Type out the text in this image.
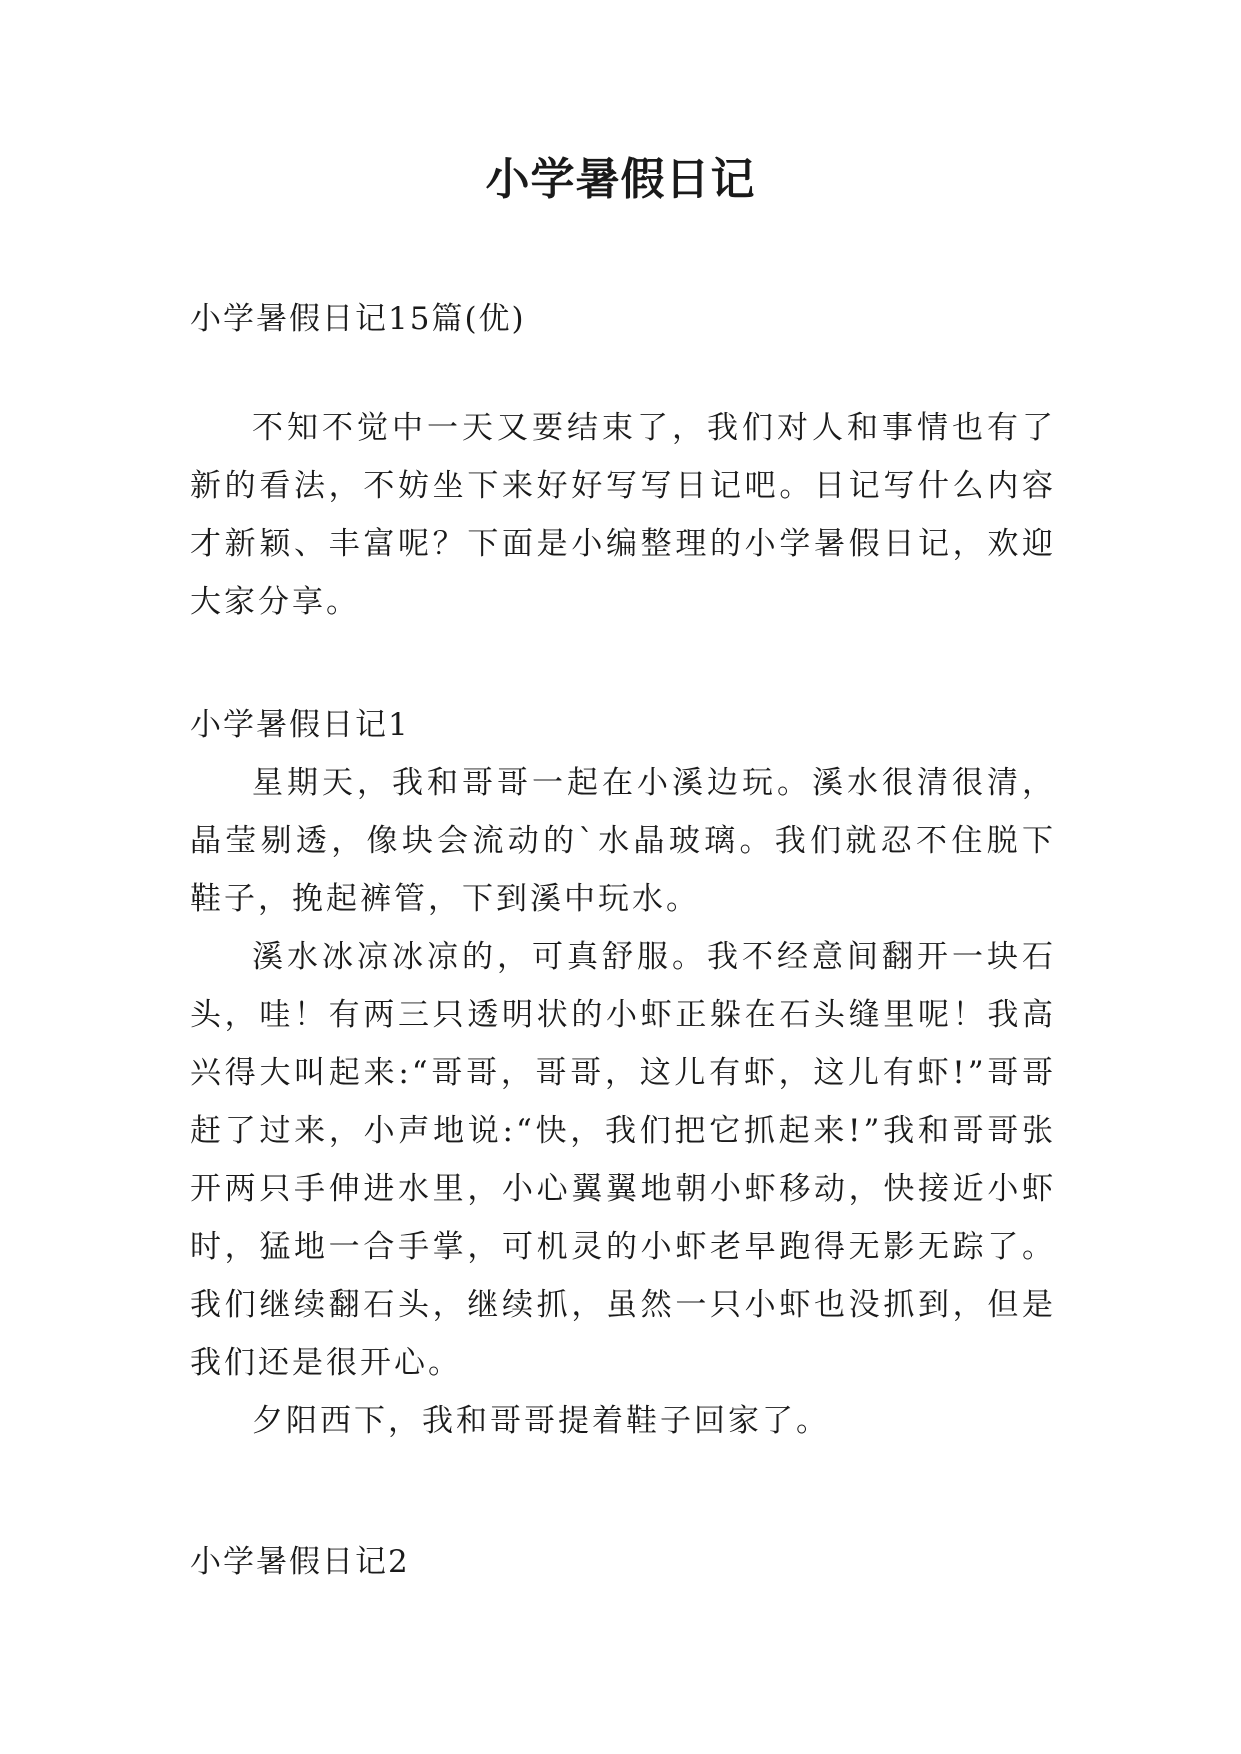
小学暑假日记
小学暑假日记15篇(优)

不知不觉中一天又要结束了，我们对人和事情也有了新的看法，不妨坐下来好好写写日记吧。日记写什么内容才新颖、丰富呢？下面是小编整理的小学暑假日记，欢迎大家分享。

小学暑假日记1

星期天，我和哥哥一起在小溪边玩。溪水很清很清，晶莹剔透，像块会流动的`水晶玻璃。我们就忍不住脱下鞋子，挽起裤管，下到溪中玩水。

溪水冰凉冰凉的，可真舒服。我不经意间翻开一块石头，哇！有两三只透明状的小虾正躲在石头缝里呢！我高兴得大叫起来:“哥哥，哥哥，这儿有虾，这儿有虾!”哥哥赶了过来，小声地说:“快，我们把它抓起来!”我和哥哥张开两只手伸进水里，小心翼翼地朝小虾移动，快接近小虾时，猛地一合手掌，可机灵的小虾老早跑得无影无踪了。我们继续翻石头，继续抓，虽然一只小虾也没抓到，但是我们还是很开心。

夕阳西下，我和哥哥提着鞋子回家了。

小学暑假日记2
